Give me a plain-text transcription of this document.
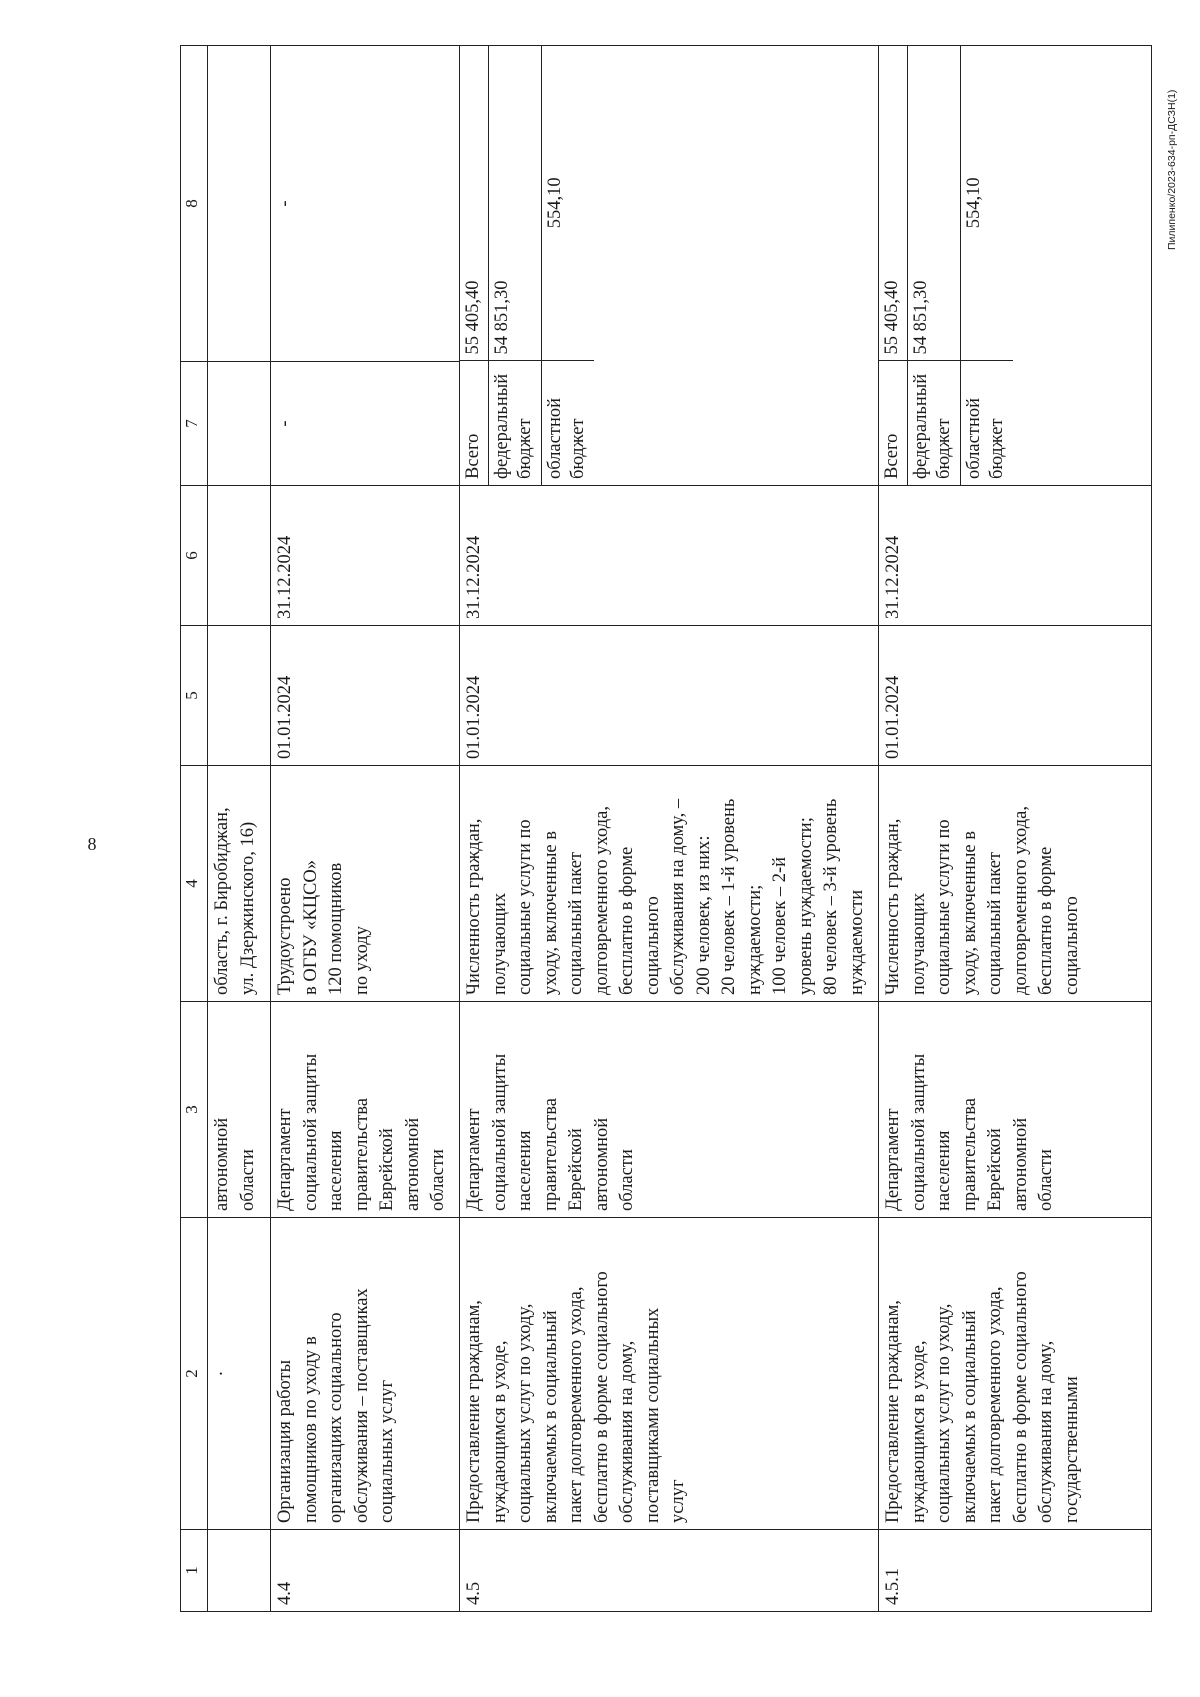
8
Пилипенко/2023-634-рп-ДСЗН(1)
1	2	3	4	5	6	7	8
	·	автономной
области	область, г. Биробиджан,
ул. Дзержинского, 16)				
4.4	Организация работы
помощников по уходу в
организациях социального
обслуживания – поставщиках
социальных услуг	Департамент
социальной защиты
населения
правительства
Еврейской
автономной
области	Трудоустроено
в ОГБУ «КЦСО»
120 помощников
по уходу	01.01.2024	31.12.2024	-	-
4.5	Предоставление гражданам,
нуждающимся в уходе,
социальных услуг по уходу,
включаемых в социальный
пакет долговременного ухода,
бесплатно в форме социального
обслуживания на дому,
поставщиками социальных
услуг	Департамент
социальной защиты
населения
правительства
Еврейской
автономной
области	Численность граждан,
получающих
социальные услуги по
уходу, включенные в
социальный пакет
долговременного ухода,
бесплатно в форме
социального
обслуживания на дому, –
200 человек, из них:
20 человек – 1-й уровень
нуждаемости;
100 человек – 2-й
уровень нуждаемости;
80 человек – 3-й уровень
нуждаемости	01.01.2024	31.12.2024	
Всего	55 405,40
федеральный
бюджет	54 851,30
областной
бюджет	554,10

4.5.1	Предоставление гражданам,
нуждающимся в уходе,
социальных услуг по уходу,
включаемых в социальный
пакет долговременного ухода,
бесплатно в форме социального
обслуживания на дому,
государственными	Департамент
социальной защиты
населения
правительства
Еврейской
автономной
области	Численность граждан,
получающих
социальные услуги по
уходу, включенные в
социальный пакет
долговременного ухода,
бесплатно в форме
социального	01.01.2024	31.12.2024	
Всего	55 405,40
федеральный
бюджет	54 851,30
областной
бюджет	554,10
